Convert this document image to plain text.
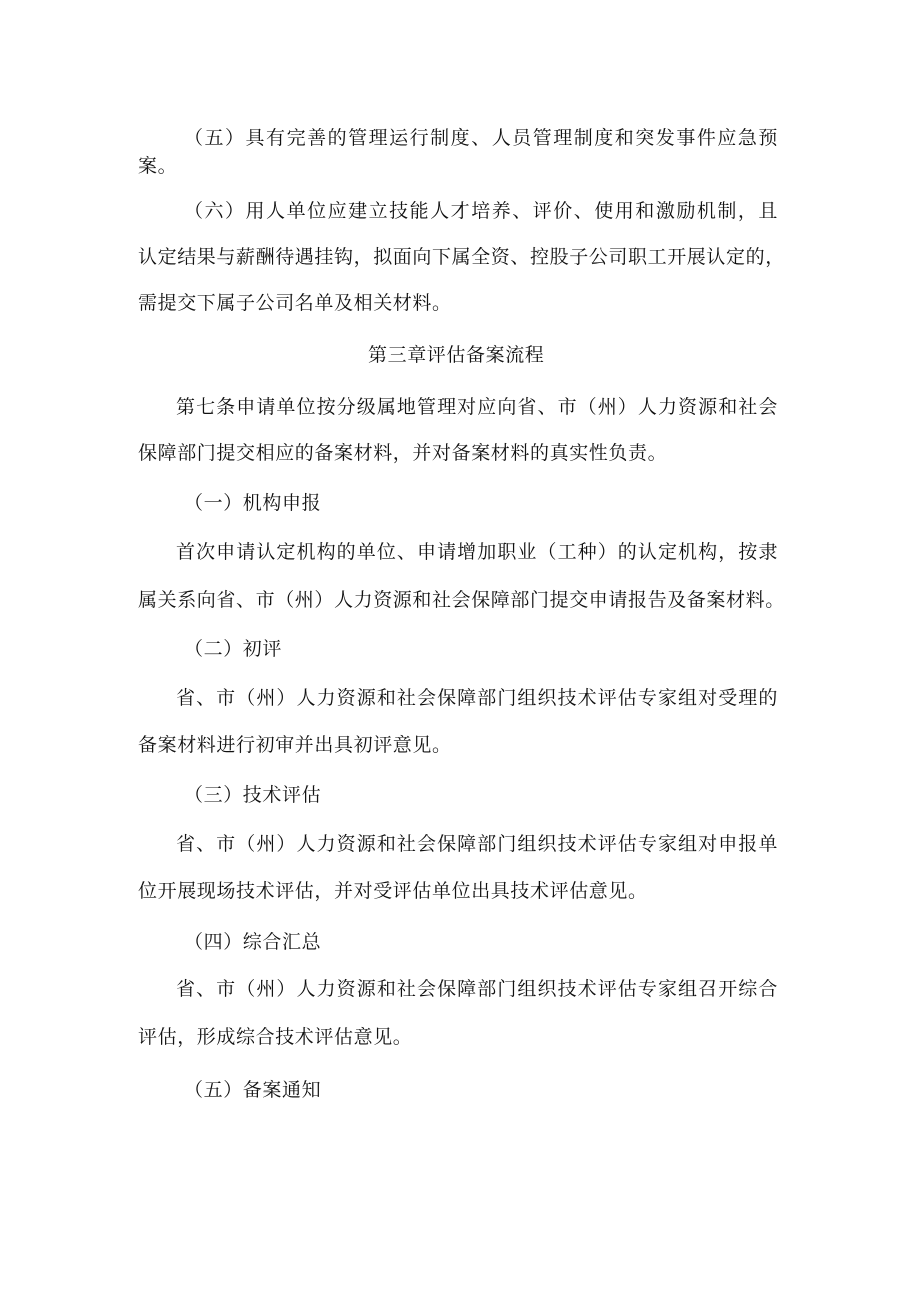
（五）具有完善的管理运行制度、人员管理制度和突发事件应急预
案。
（六）用人单位应建立技能人才培养、评价、使用和激励机制，且
认定结果与薪酬待遇挂钩，拟面向下属全资、控股子公司职工开展认定的，
需提交下属子公司名单及相关材料。
第三章评估备案流程
第七条申请单位按分级属地管理对应向省、市（州）人力资源和社会
保障部门提交相应的备案材料，并对备案材料的真实性负责。
（一）机构申报
首次申请认定机构的单位、申请增加职业（工种）的认定机构，按隶
属关系向省、市（州）人力资源和社会保障部门提交申请报告及备案材料。
（二）初评
省、市（州）人力资源和社会保障部门组织技术评估专家组对受理的
备案材料进行初审并出具初评意见。
（三）技术评估
省、市（州）人力资源和社会保障部门组织技术评估专家组对申报单
位开展现场技术评估，并对受评估单位出具技术评估意见。
（四）综合汇总
省、市（州）人力资源和社会保障部门组织技术评估专家组召开综合
评估，形成综合技术评估意见。
（五）备案通知
